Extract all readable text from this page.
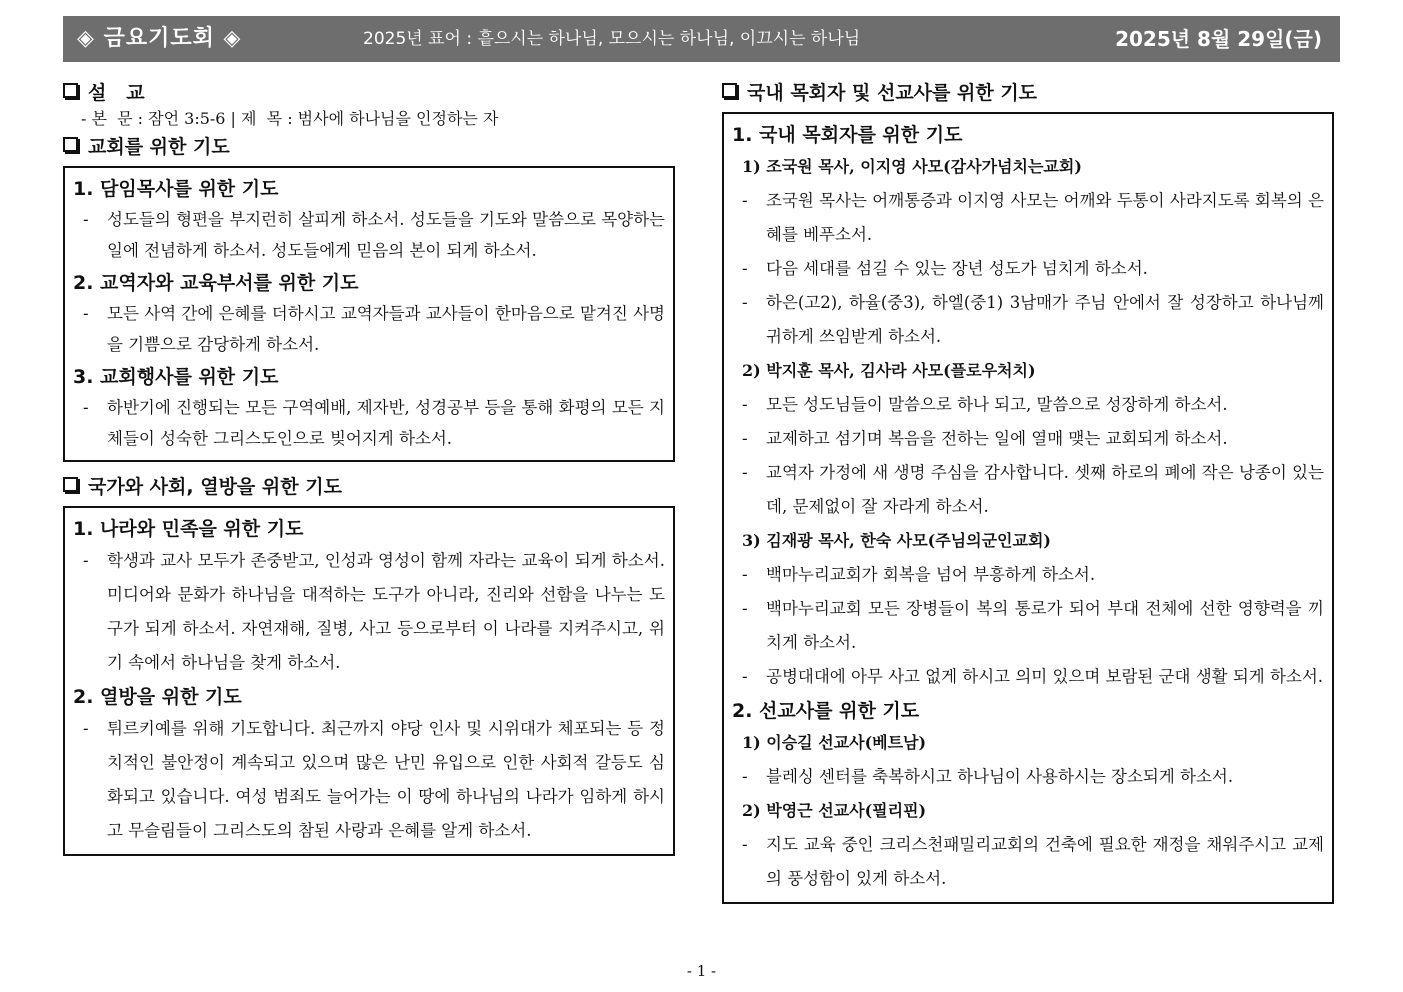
◈ 금요기도회 ◈	2025년 표어 : 흩으시는 하나님, 모으시는 하나님, 이끄시는 하나님	2025년 8월 29일(금)
설   교
- 본  문 : 잠언 3:5-6 | 제  목 : 범사에 하나님을 인정하는 자
교회를 위한 기도
1. 담임목사를 위한 기도
- 성도들의 형편을 부지런히 살피게 하소서. 성도들을 기도와 말씀으로 목양하는 일에 전념하게 하소서. 성도들에게 믿음의 본이 되게 하소서.
2. 교역자와 교육부서를 위한 기도
- 모든 사역 간에 은혜를 더하시고 교역자들과 교사들이 한마음으로 맡겨진 사명을 기쁨으로 감당하게 하소서.
3. 교회행사를 위한 기도
- 하반기에 진행되는 모든 구역예배, 제자반, 성경공부 등을 통해 화평의 모든 지체들이 성숙한 그리스도인으로 빚어지게 하소서.
국가와 사회, 열방을 위한 기도
1. 나라와 민족을 위한 기도
- 학생과 교사 모두가 존중받고, 인성과 영성이 함께 자라는 교육이 되게 하소서. 미디어와 문화가 하나님을 대적하는 도구가 아니라, 진리와 선함을 나누는 도구가 되게 하소서. 자연재해, 질병, 사고 등으로부터 이 나라를 지켜주시고, 위기 속에서 하나님을 찾게 하소서.
2. 열방을 위한 기도
- 튀르키예를 위해 기도합니다. 최근까지 야당 인사 및 시위대가 체포되는 등 정치적인 불안정이 계속되고 있으며 많은 난민 유입으로 인한 사회적 갈등도 심화되고 있습니다. 여성 범죄도 늘어가는 이 땅에 하나님의 나라가 임하게 하시고 무슬림들이 그리스도의 참된 사랑과 은혜를 알게 하소서.
국내 목회자 및 선교사를 위한 기도
1. 국내 목회자를 위한 기도
1) 조국원 목사, 이지영 사모(감사가넘치는교회)
- 조국원 목사는 어깨통증과 이지영 사모는 어깨와 두통이 사라지도록 회복의 은혜를 베푸소서.
- 다음 세대를 섬길 수 있는 장년 성도가 넘치게 하소서.
- 하은(고2), 하율(중3), 하엘(중1) 3남매가 주님 안에서 잘 성장하고 하나님께 귀하게 쓰임받게 하소서.
2) 박지훈 목사, 김사라 사모(플로우처치)
- 모든 성도님들이 말씀으로 하나 되고, 말씀으로 성장하게 하소서.
- 교제하고 섬기며 복음을 전하는 일에 열매 맺는 교회되게 하소서.
- 교역자 가정에 새 생명 주심을 감사합니다. 셋째 하로의 폐에 작은 낭종이 있는데, 문제없이 잘 자라게 하소서.
3) 김재광 목사, 한숙 사모(주님의군인교회)
- 백마누리교회가 회복을 넘어 부흥하게 하소서.
- 백마누리교회 모든 장병들이 복의 통로가 되어 부대 전체에 선한 영향력을 끼치게 하소서.
- 공병대대에 아무 사고 없게 하시고 의미 있으며 보람된 군대 생활 되게 하소서.
2. 선교사를 위한 기도
1) 이승길 선교사(베트남)
- 블레싱 센터를 축복하시고 하나님이 사용하시는 장소되게 하소서.
2) 박영근 선교사(필리핀)
- 지도 교육 중인 크리스천패밀리교회의 건축에 필요한 재정을 채워주시고 교제의 풍성함이 있게 하소서.
- 1 -
